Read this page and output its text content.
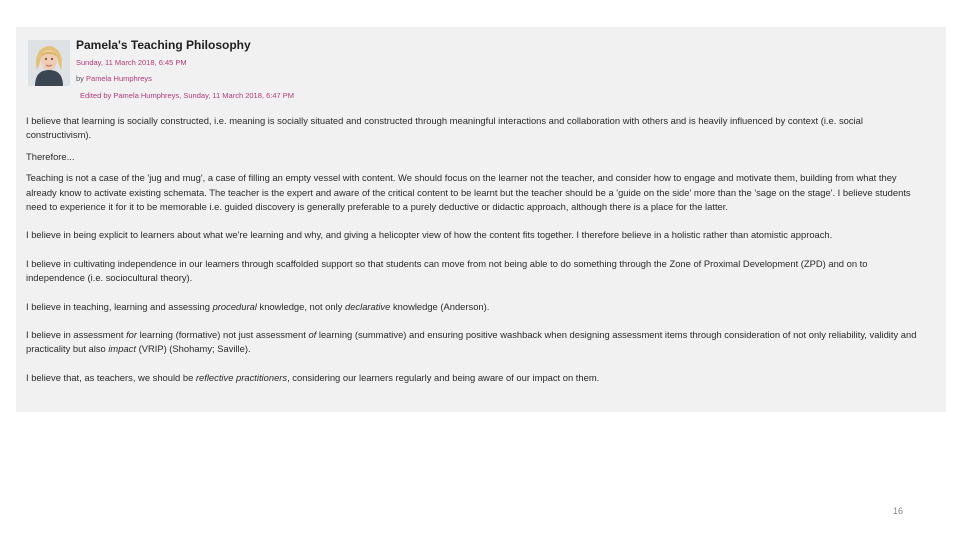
Pamela's Teaching Philosophy
Sunday, 11 March 2018, 6:45 PM
by Pamela Humphreys
Edited by Pamela Humphreys, Sunday, 11 March 2018, 6:47 PM

I believe that learning is socially constructed, i.e. meaning is socially situated and constructed through meaningful interactions and collaboration with others and is heavily influenced by context (i.e. social constructivism).

Therefore...

Teaching is not a case of the 'jug and mug', a case of filling an empty vessel with content. We should focus on the learner not the teacher, and consider how to engage and motivate them, building from what they already know to activate existing schemata. The teacher is the expert and aware of the critical content to be learnt but the teacher should be a 'guide on the side' more than the 'sage on the stage'. I believe students need to experience it for it to be memorable i.e. guided discovery is generally preferable to a purely deductive or didactic approach, although there is a place for the latter.

I believe in being explicit to learners about what we're learning and why, and giving a helicopter view of how the content fits together. I therefore believe in a holistic rather than atomistic approach.

I believe in cultivating independence in our learners through scaffolded support so that students can move from not being able to do something through the Zone of Proximal Development (ZPD) and on to independence (i.e. sociocultural theory).

I believe in teaching, learning and assessing procedural knowledge, not only declarative knowledge (Anderson).

I believe in assessment for learning (formative) not just assessment of learning (summative) and ensuring positive washback when designing assessment items through consideration of not only reliability, validity and practicality but also impact (VRIP) (Shohamy; Saville).

I believe that, as teachers, we should be reflective practitioners, considering our learners regularly and being aware of our impact on them.

16
